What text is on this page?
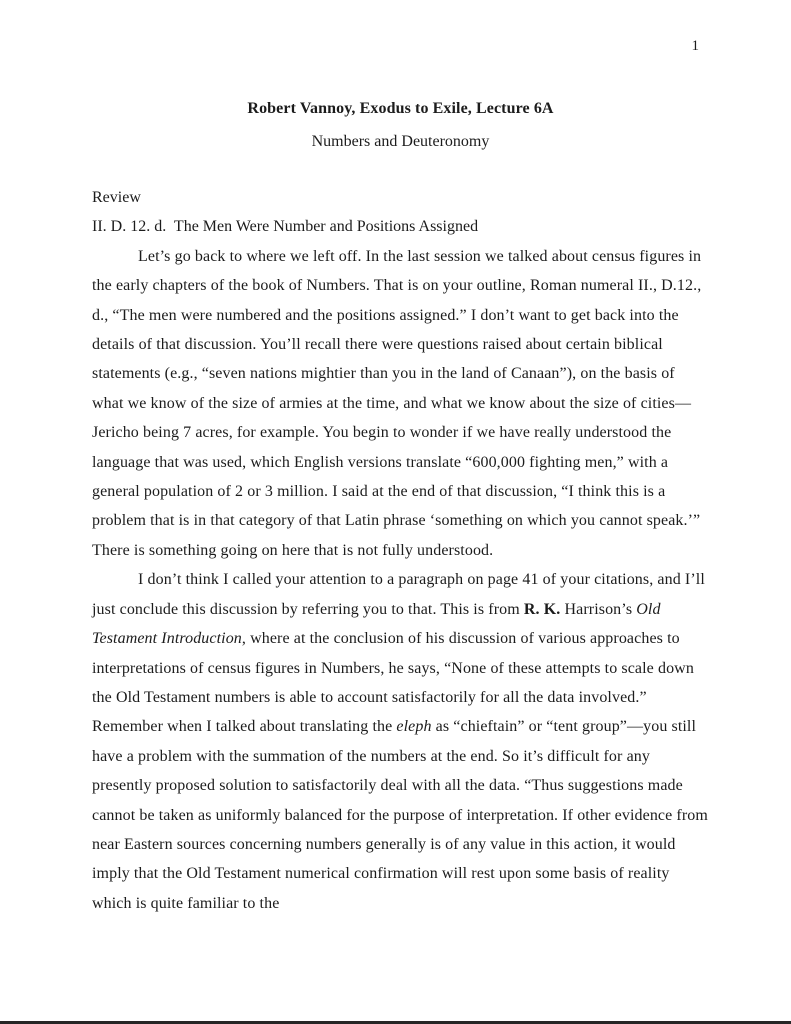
1
Robert Vannoy, Exodus to Exile, Lecture 6A
Numbers and Deuteronomy
Review
II. D. 12. d.  The Men Were Number and Positions Assigned

Let’s go back to where we left off. In the last session we talked about census figures in the early chapters of the book of Numbers. That is on your outline, Roman numeral II., D.12., d., “The men were numbered and the positions assigned.” I don’t want to get back into the details of that discussion. You’ll recall there were questions raised about certain biblical statements (e.g., “seven nations mightier than you in the land of Canaan”), on the basis of what we know of the size of armies at the time, and what we know about the size of cities—Jericho being 7 acres, for example. You begin to wonder if we have really understood the language that was used, which English versions translate “600,000 fighting men,” with a general population of 2 or 3 million. I said at the end of that discussion, “I think this is a problem that is in that category of that Latin phrase ‘something on which you cannot speak.’” There is something going on here that is not fully understood.

I don’t think I called your attention to a paragraph on page 41 of your citations, and I’ll just conclude this discussion by referring you to that. This is from R. K. Harrison’s Old Testament Introduction, where at the conclusion of his discussion of various approaches to interpretations of census figures in Numbers, he says, “None of these attempts to scale down the Old Testament numbers is able to account satisfactorily for all the data involved.” Remember when I talked about translating the eleph as “chieftain” or “tent group”—you still have a problem with the summation of the numbers at the end. So it’s difficult for any presently proposed solution to satisfactorily deal with all the data. “Thus suggestions made cannot be taken as uniformly balanced for the purpose of interpretation. If other evidence from near Eastern sources concerning numbers generally is of any value in this action, it would imply that the Old Testament numerical confirmation will rest upon some basis of reality which is quite familiar to the
